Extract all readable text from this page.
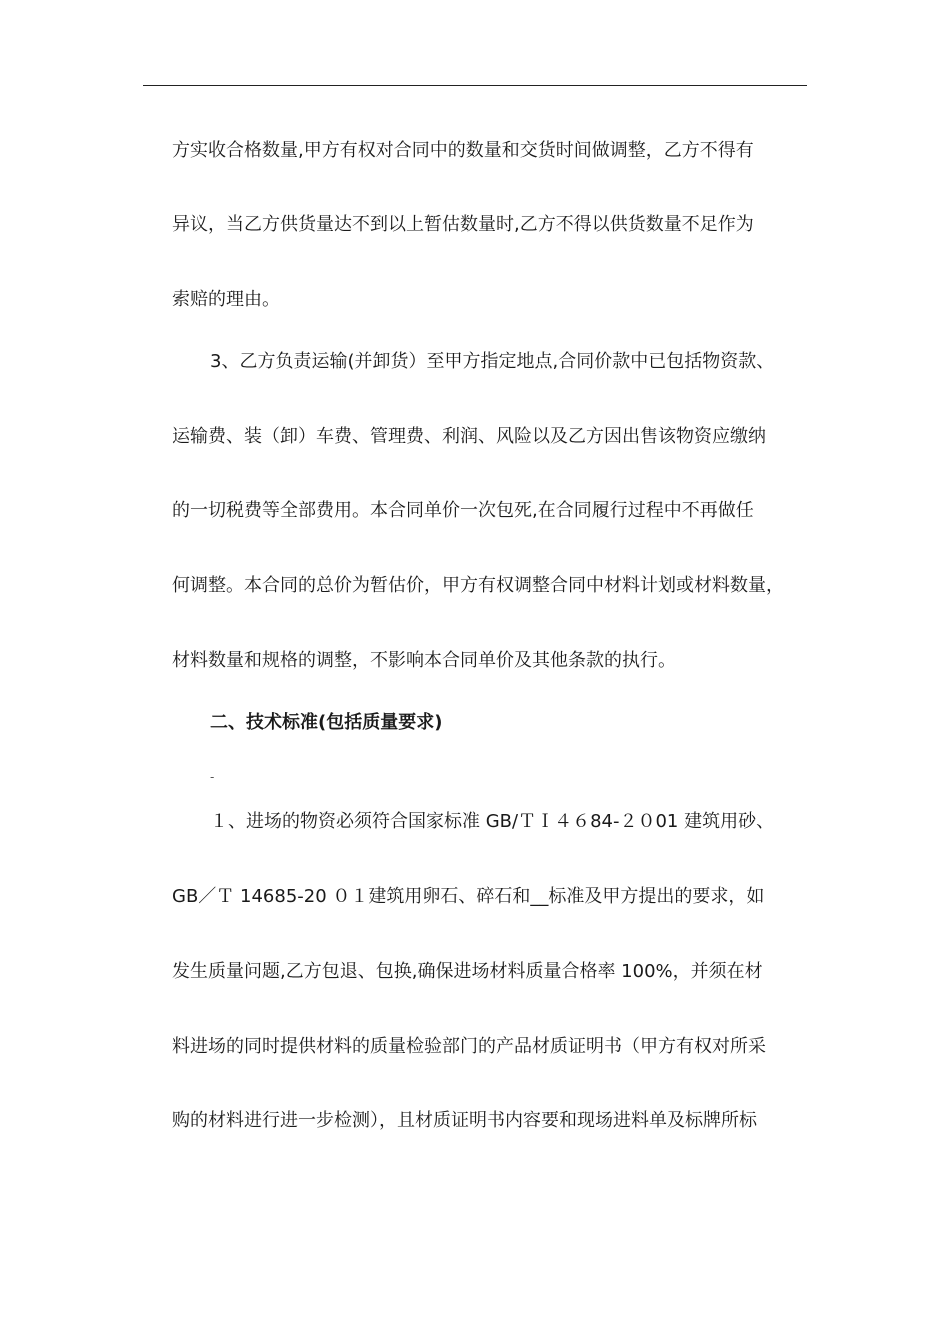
方实收合格数量,甲方有权对合同中的数量和交货时间做调整，乙方不得有
异议，当乙方供货量达不到以上暂估数量时,乙方不得以供货数量不足作为
索赔的理由。
3、乙方负责运输(并卸货）至甲方指定地点,合同价款中已包括物资款、
运输费、装（卸）车费、管理费、利润、风险以及乙方因出售该物资应缴纳
的一切税费等全部费用。本合同单价一次包死,在合同履行过程中不再做任
何调整。本合同的总价为暂估价，甲方有权调整合同中材料计划或材料数量，
材料数量和规格的调整，不影响本合同单价及其他条款的执行。
二、技术标准(包括质量要求)
-
１、进场的物资必须符合国家标准 GB/ＴＩ４６84-２０01 建筑用砂、
GB／Ｔ 14685-20 ０１建筑用卵石、碎石和__标准及甲方提出的要求，如
发生质量问题,乙方包退、包换,确保进场材料质量合格率 100%，并须在材
料进场的同时提供材料的质量检验部门的产品材质证明书（甲方有权对所采
购的材料进行进一步检测），且材质证明书内容要和现场进料单及标牌所标
